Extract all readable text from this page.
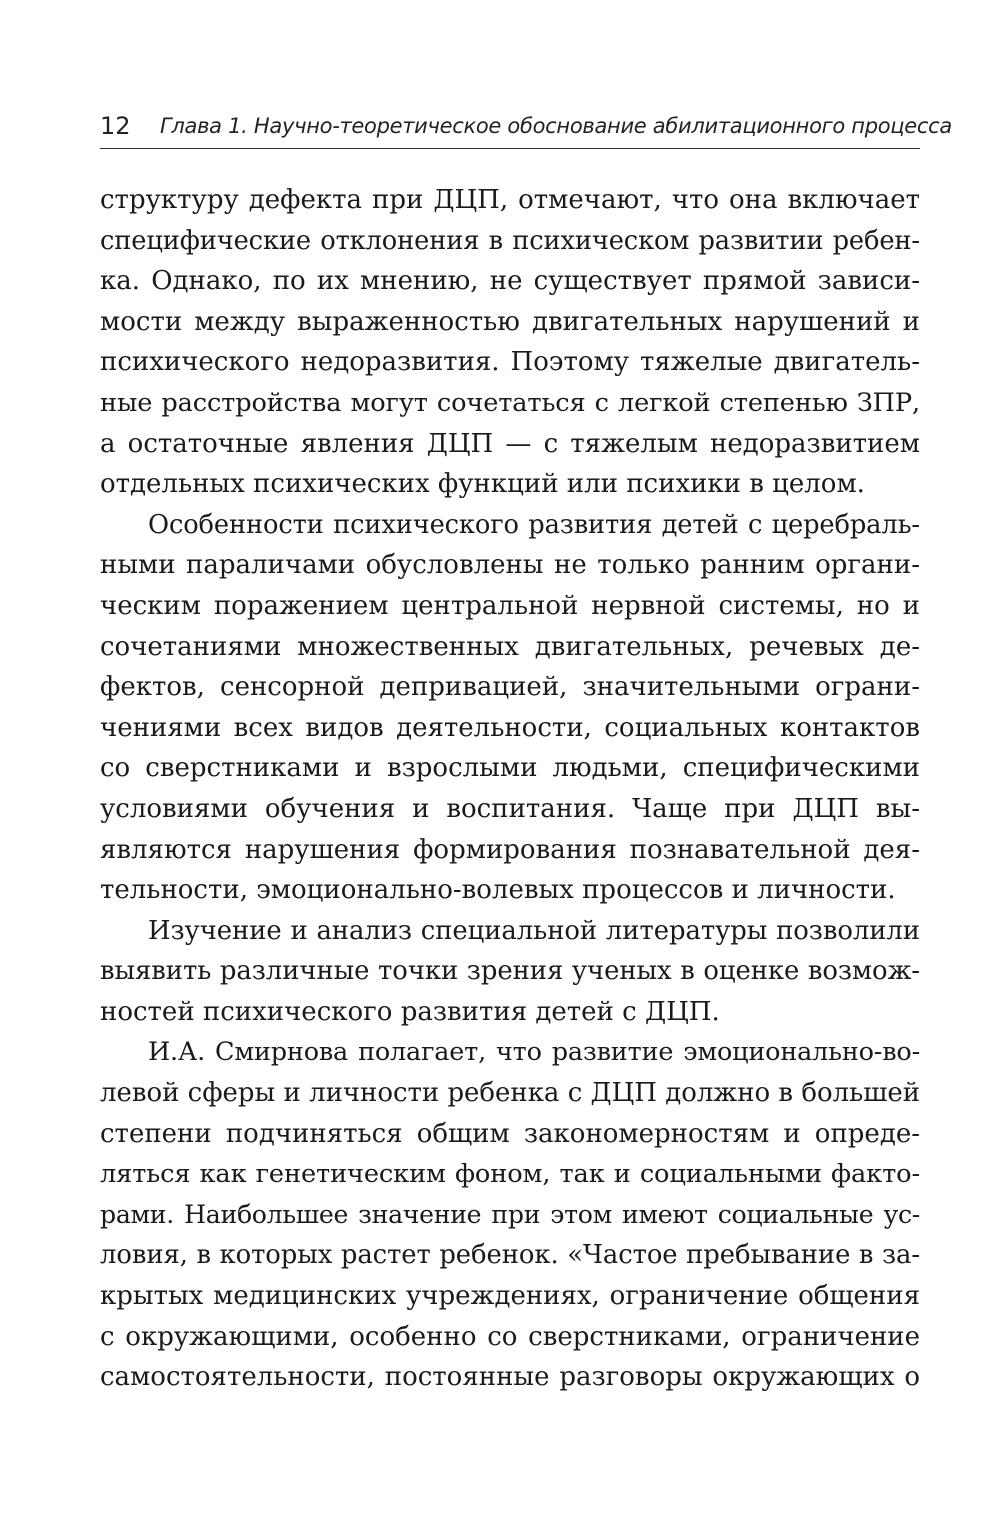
12 Глава 1. Научно-теоретическое обоснование абилитационного процесса
структуру дефекта при ДЦП, отмечают, что она включает
специфические отклонения в психическом развитии ребен-
ка. Однако, по их мнению, не существует прямой зависи-
мости между выраженностью двигательных нарушений и
психического недоразвития. Поэтому тяжелые двигатель-
ные расстройства могут сочетаться с легкой степенью ЗПР,
а остаточные явления ДЦП — с тяжелым недоразвитием
отдельных психических функций или психики в целом.
Особенности психического развития детей с церебраль-
ными параличами обусловлены не только ранним органи-
ческим поражением центральной нервной системы, но и
сочетаниями множественных двигательных, речевых де-
фектов, сенсорной депривацией, значительными ограни-
чениями всех видов деятельности, социальных контактов
со сверстниками и взрослыми людьми, специфическими
условиями обучения и воспитания. Чаще при ДЦП вы-
являются нарушения формирования познавательной дея-
тельности, эмоционально-волевых процессов и личности.
Изучение и анализ специальной литературы позволили
выявить различные точки зрения ученых в оценке возмож-
ностей психического развития детей с ДЦП.
И.А. Смирнова полагает, что развитие эмоционально-во-
левой сферы и личности ребенка с ДЦП должно в большей
степени подчиняться общим закономерностям и опреде-
ляться как генетическим фоном, так и социальными факто-
рами. Наибольшее значение при этом имеют социальные ус-
ловия, в которых растет ребенок. «Частое пребывание в за-
крытых медицинских учреждениях, ограничение общения
с окружающими, особенно со сверстниками, ограничение
самостоятельности, постоянные разговоры окружающих о
